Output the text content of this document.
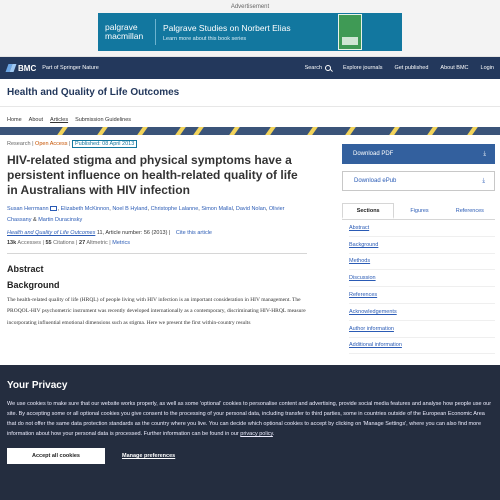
Advertisement
palgrave
macmillan
Palgrave Studies on Norbert Elias
Learn more about this book series
BMC Part of Springer Nature	Search	Explore journals Get published About BMC Login
Health and Quality of Life Outcomes
Home About Articles Submission Guidelines
Research | Open Access | Published: 08 April 2013
HIV-related stigma and physical symptoms have a persistent influence on health-related quality of life in Australians with HIV infection
Susan Herrmann , Elizabeth McKinnon, Noel B Hyland, Christophe Lalanne, Simon Mallal, David Nolan, Olivier Chassany & Martin Duracinsky
Health and Quality of Life Outcomes 11, Article number: 56 (2013) | Cite this article
13k Accesses | 55 Citations | 27 Altmetric | Metrics
Abstract
Background

The health-related quality of life (HRQL) of people living with HIV infection is an important consideration in HIV management. The PROQOL-HIV psychometric instrument was recently developed internationally as a contemporary, discriminating HIV-HRQL measure incorporating influential emotional dimensions such as stigma. Here we present the first within-country results

Download PDF	⤓
Download ePub	⤓
Sections	Figures	References
Abstract
Background
Methods
Discussion
References
Acknowledgements
Author information
Additional information
Your Privacy

We use cookies to make sure that our website works properly, as well as some 'optional' cookies to personalise content and advertising, provide social media features and analyse how people use our site. By accepting some or all optional cookies you give consent to the processing of your personal data, including transfer to third parties, some in countries outside of the European Economic Area that do not offer the same data protection standards as the country where you live. You can decide which optional cookies to accept by clicking on 'Manage Settings', where you can also find more information about how your personal data is processed. Further information can be found in our privacy policy.

Accept all cookies	Manage preferences
